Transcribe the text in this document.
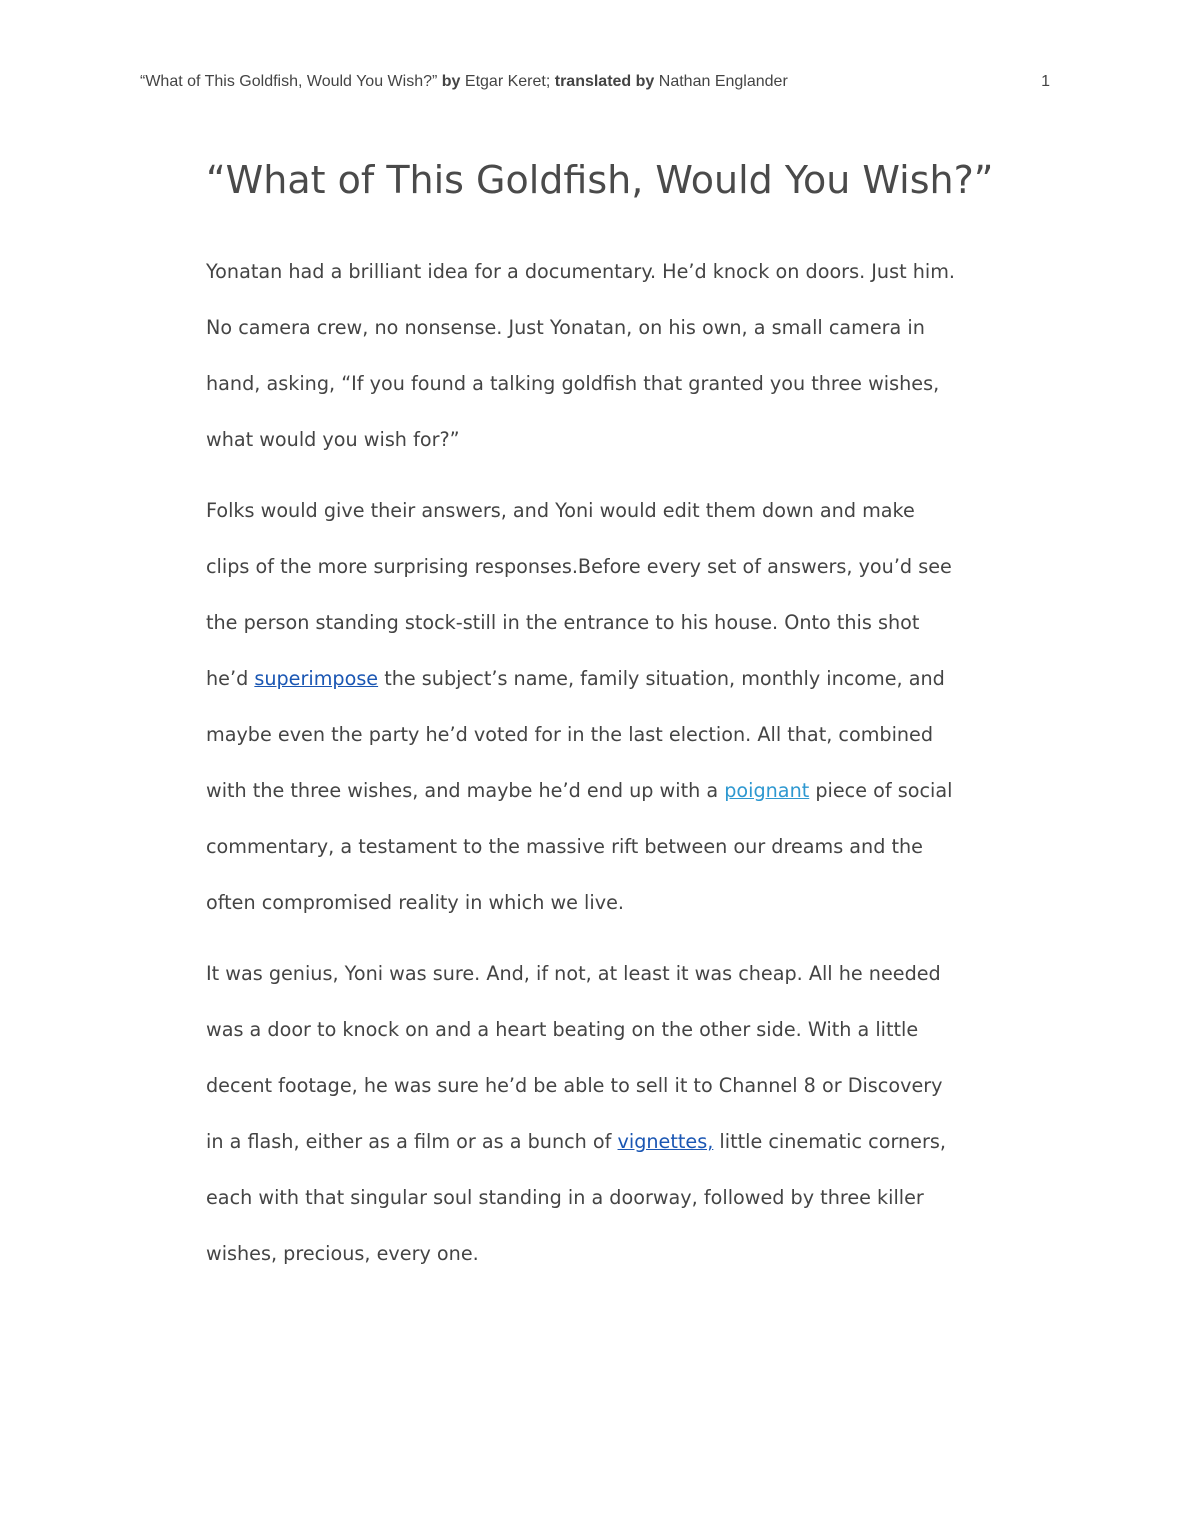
“What of This Goldfish, Would You Wish?” by Etgar Keret; translated by Nathan Englander	1
“What of This Goldfish, Would You Wish?”
Yonatan had a brilliant idea for a documentary. He’d knock on doors. Just him.
No camera crew, no nonsense. Just Yonatan, on his own, a small camera in
hand, asking, “If you found a talking goldfish that granted you three wishes,
what would you wish for?”
Folks would give their answers, and Yoni would edit them down and make
clips of the more surprising responses.Before every set of answers, you’d see
the person standing stock-still in the entrance to his house. Onto this shot
he’d superimpose the subject’s name, family situation, monthly income, and
maybe even the party he’d voted for in the last election. All that, combined
with the three wishes, and maybe he’d end up with a poignant piece of social
commentary, a testament to the massive rift between our dreams and the
often compromised reality in which we live.
It was genius, Yoni was sure. And, if not, at least it was cheap. All he needed
was a door to knock on and a heart beating on the other side. With a little
decent footage, he was sure he’d be able to sell it to Channel 8 or Discovery
in a flash, either as a film or as a bunch of vignettes, little cinematic corners,
each with that singular soul standing in a doorway, followed by three killer
wishes, precious, every one.
